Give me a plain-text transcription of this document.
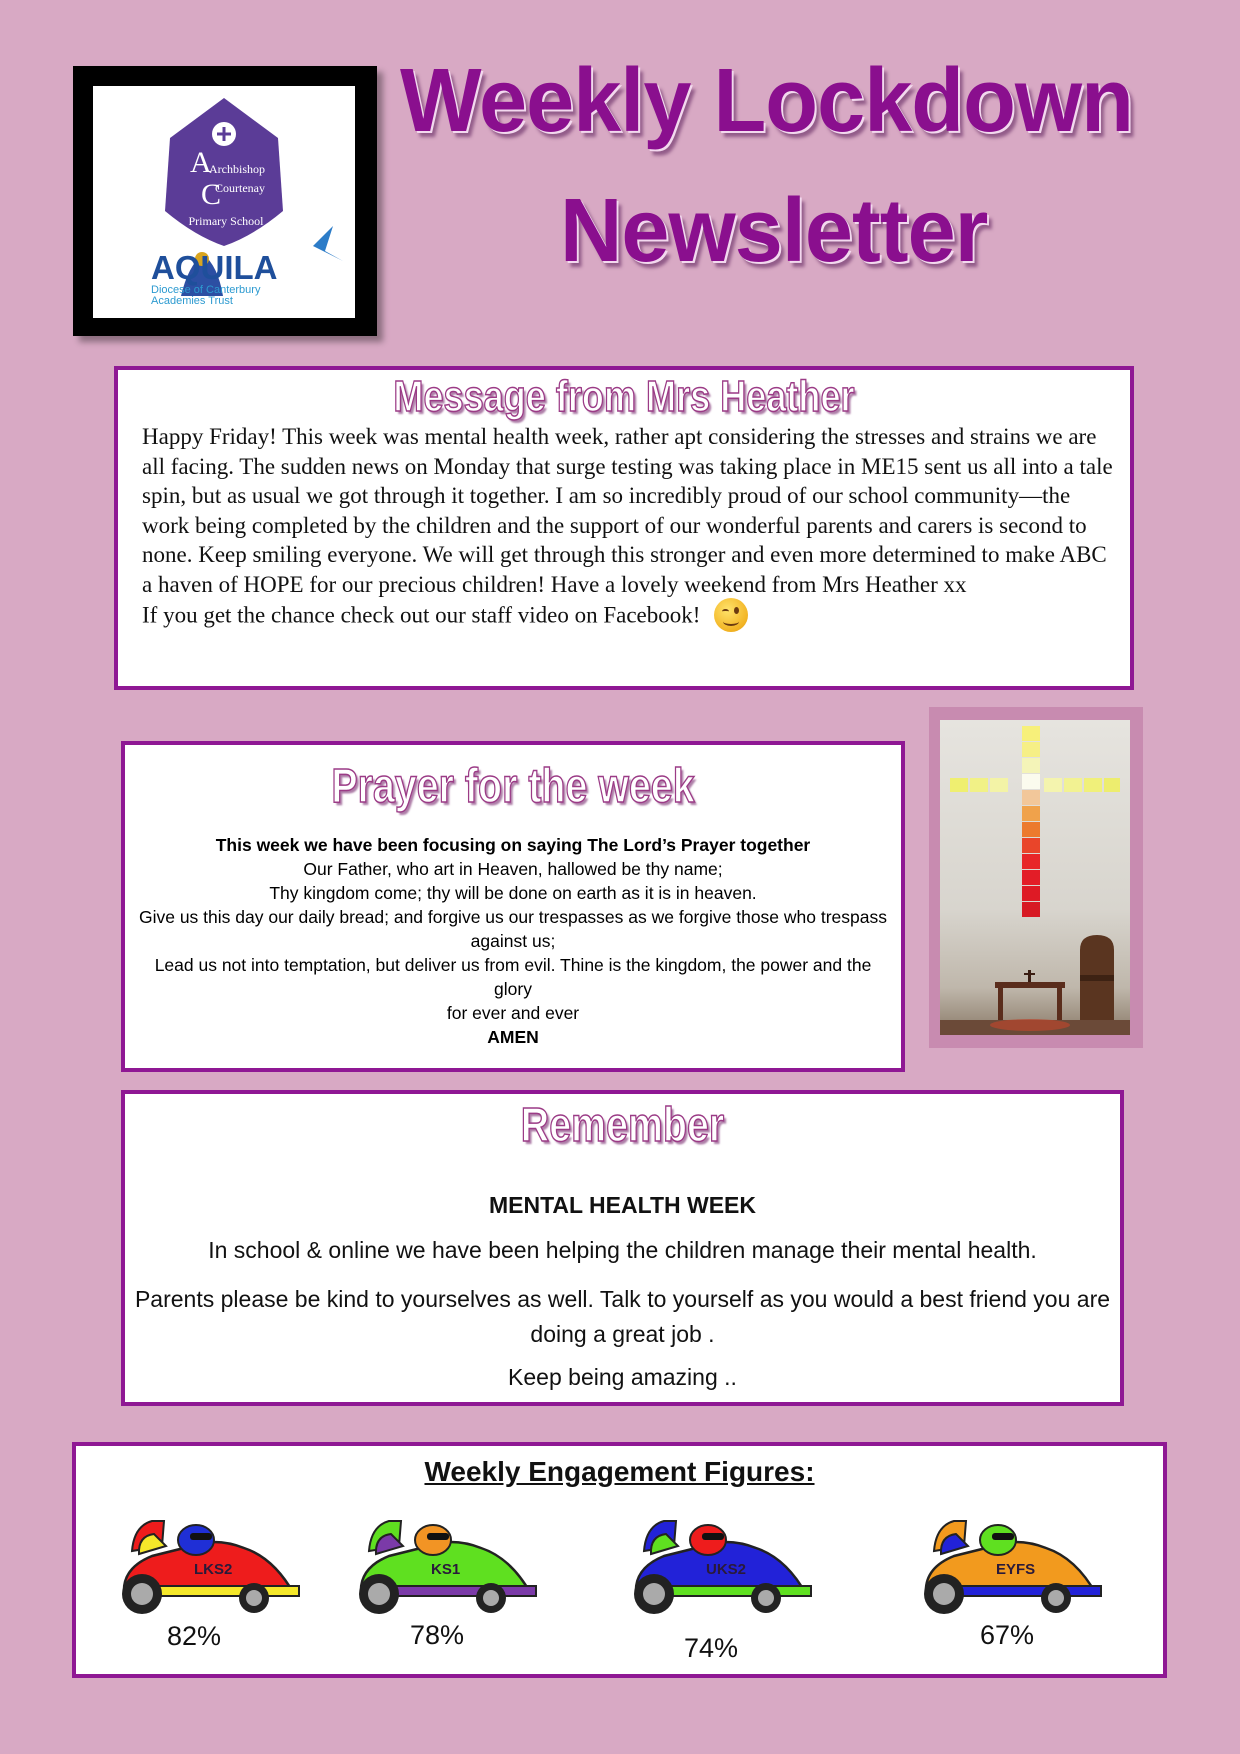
A
C
Archbishop
Courtenay
Primary School
AQUILA
Diocese of Canterbury
Academies Trust
Weekly Lockdown
Newsletter
Message from Mrs Heather

Happy Friday! This week was mental health week, rather apt considering the stresses and strains we are all facing. The sudden news on Monday that surge testing was taking place in ME15 sent us all into a tale spin, but as usual we got through it together. I am so incredibly proud of our school community—the work being completed by the children and the support of our wonderful parents and carers is second to none. Keep smiling everyone. We will get through this stronger and even more determined to make ABC a haven of HOPE for our precious children! Have a lovely weekend from Mrs Heather xx
If you get the chance check out our staff video on Facebook!

Prayer for the week
This week we have been focusing on saying The Lord’s Prayer together
Our Father, who art in Heaven, hallowed be thy name;
Thy kingdom come; thy will be done on earth as it is in heaven.
Give us this day our daily bread; and forgive us our trespasses as we forgive those who trespass against us;
Lead us not into temptation, but deliver us from evil. Thine is the kingdom, the power and the glory
for ever and ever
AMEN
Remember
MENTAL HEALTH WEEK
In school & online we have been helping the children manage their mental health.
Parents please be kind to yourselves as well. Talk to yourself as you would a best friend you are doing a great job .
Keep being amazing ..
Weekly Engagement Figures:
LKS2	KS1	UKS2	EYFS
82%	78%	74%	67%
